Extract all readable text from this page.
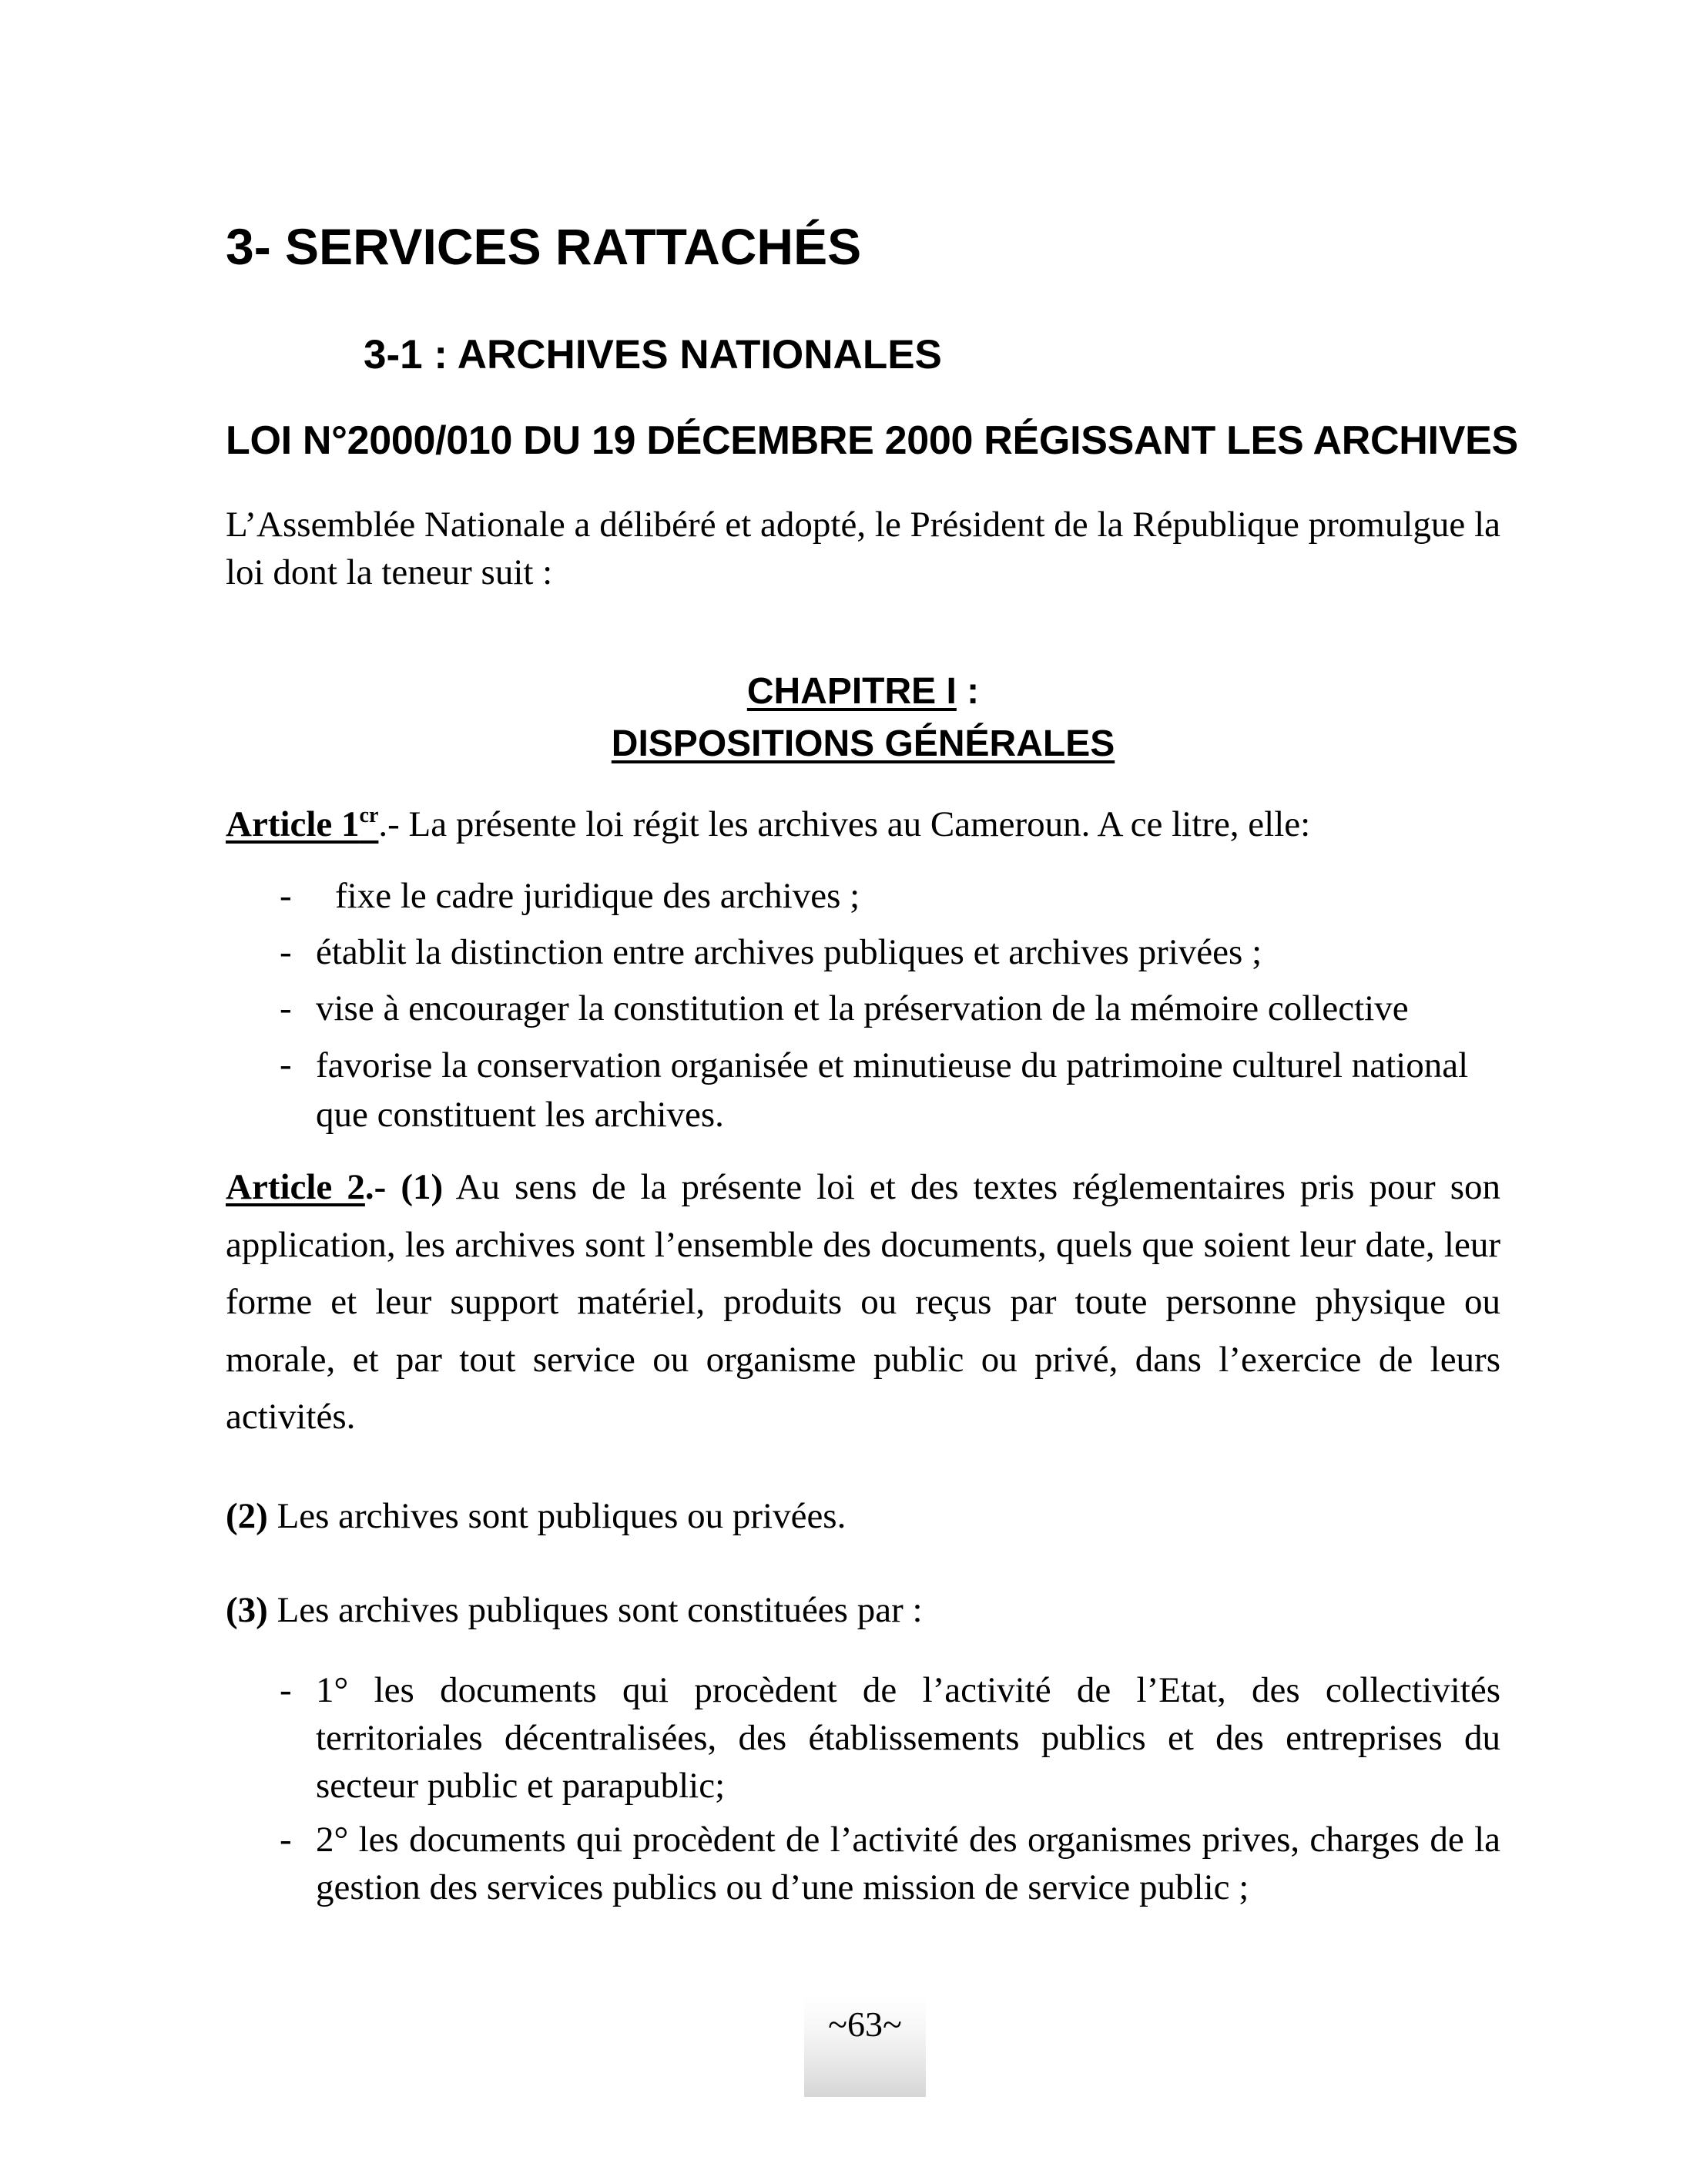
3- SERVICES RATTACHÉS
3-1 : ARCHIVES NATIONALES
LOI N°2000/010 DU 19 DÉCEMBRE 2000 RÉGISSANT LES ARCHIVES
L’Assemblée Nationale a délibéré et adopté, le Président de la République promulgue la loi dont la teneur suit :
CHAPITRE I :
DISPOSITIONS GÉNÉRALES
Article $1^{cr}.-$ La présente loi régit les archives au Cameroun. A ce litre, elle:
- fixe le cadre juridique des archives ;
- établit la distinction entre archives publiques et archives privées ;
- vise à encourager la constitution et la préservation de la mémoire collective
- favorise la conservation organisée et minutieuse du patrimoine culturel national que constituent les archives.
Article 2.- (1) Au sens de la présente loi et des textes réglementaires pris pour son application, les archives sont l’ensemble des documents, quels que soient leur date, leur forme et leur support matériel, produits ou reçus par toute personne physique ou morale, et par tout service ou organisme public ou privé, dans l’exercice de leurs activités.
(2) Les archives sont publiques ou privées.
(3) Les archives publiques sont constituées par :
- 1° les documents qui procèdent de l’activité de l’Etat, des collectivités territoriales décentralisées, des établissements publics et des entreprises du secteur public et parapublic;
- 2° les documents qui procèdent de l’activité des organismes prives, charges de la gestion des services publics ou d’une mission de service public ;
~63~
